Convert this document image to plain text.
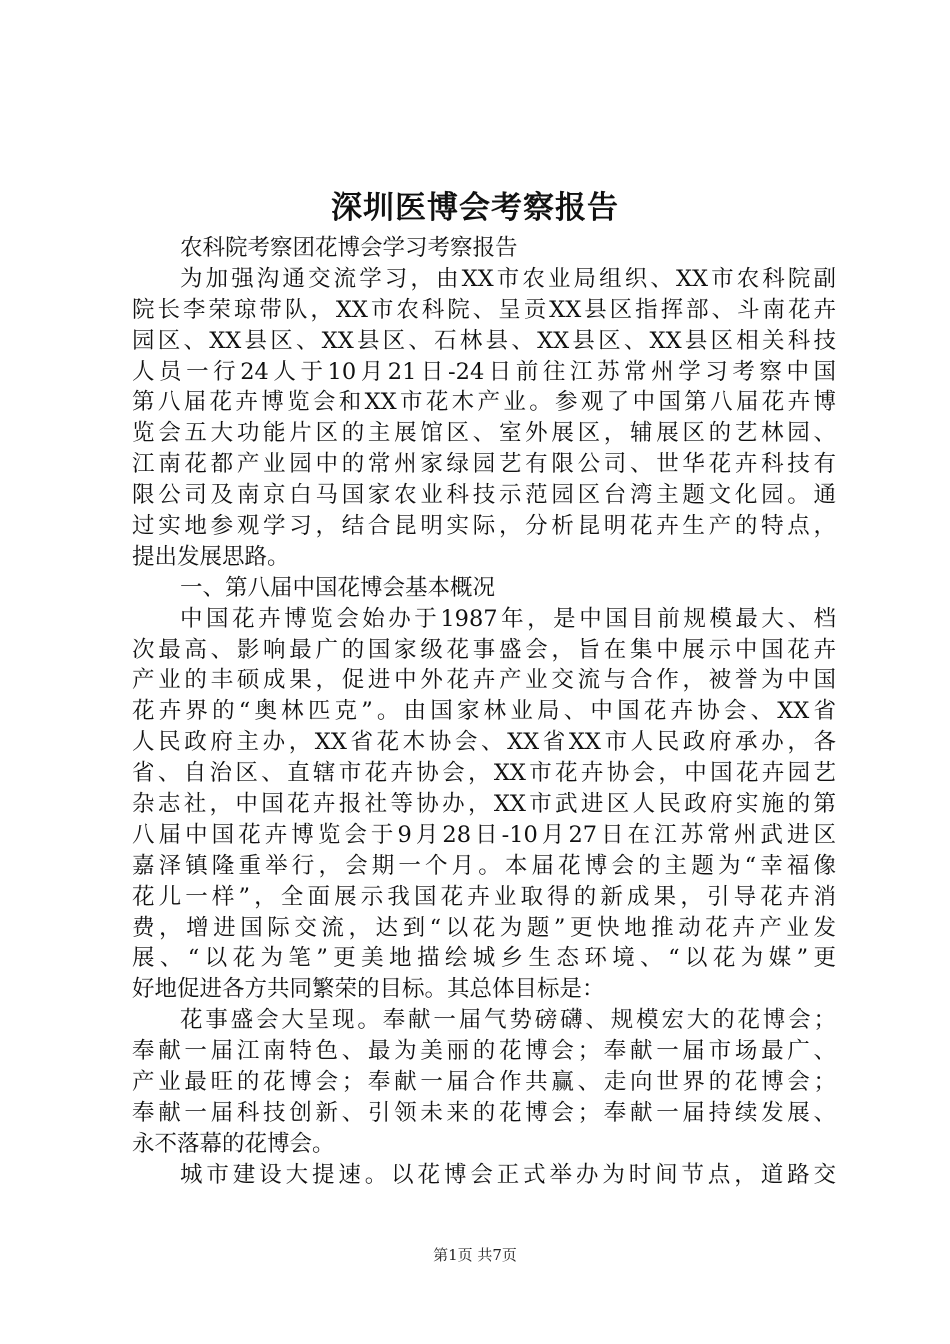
深圳医博会考察报告
农科院考察团花博会学习考察报告
为加强沟通交流学习，由XX市农业局组织、XX市农科院副
院长李荣琼带队，XX市农科院、呈贡XX县区指挥部、斗南花卉
园区、XX县区、XX县区、石林县、XX县区、XX县区相关科技
人员一行24人于10月21日-24日前往江苏常州学习考察中国
第八届花卉博览会和XX市花木产业。参观了中国第八届花卉博
览会五大功能片区的主展馆区、室外展区，辅展区的艺林园、
江南花都产业园中的常州家绿园艺有限公司、世华花卉科技有
限公司及南京白马国家农业科技示范园区台湾主题文化园。通
过实地参观学习，结合昆明实际，分析昆明花卉生产的特点，
提出发展思路。
一、第八届中国花博会基本概况
中国花卉博览会始办于1987年，是中国目前规模最大、档
次最高、影响最广的国家级花事盛会，旨在集中展示中国花卉
产业的丰硕成果，促进中外花卉产业交流与合作，被誉为中国
花卉界的“奥林匹克”。由国家林业局、中国花卉协会、XX省
人民政府主办，XX省花木协会、XX省XX市人民政府承办，各
省、自治区、直辖市花卉协会，XX市花卉协会，中国花卉园艺
杂志社，中国花卉报社等协办，XX市武进区人民政府实施的第
八届中国花卉博览会于9月28日-10月27日在江苏常州武进区
嘉泽镇隆重举行，会期一个月。本届花博会的主题为“幸福像
花儿一样”，全面展示我国花卉业取得的新成果，引导花卉消
费，增进国际交流，达到“以花为题”更快地推动花卉产业发
展、“以花为笔”更美地描绘城乡生态环境、“以花为媒”更
好地促进各方共同繁荣的目标。其总体目标是：
花事盛会大呈现。奉献一届气势磅礴、规模宏大的花博会；
奉献一届江南特色、最为美丽的花博会；奉献一届市场最广、
产业最旺的花博会；奉献一届合作共赢、走向世界的花博会；
奉献一届科技创新、引领未来的花博会；奉献一届持续发展、
永不落幕的花博会。
城市建设大提速。以花博会正式举办为时间节点，道路交
第1页 共7页
